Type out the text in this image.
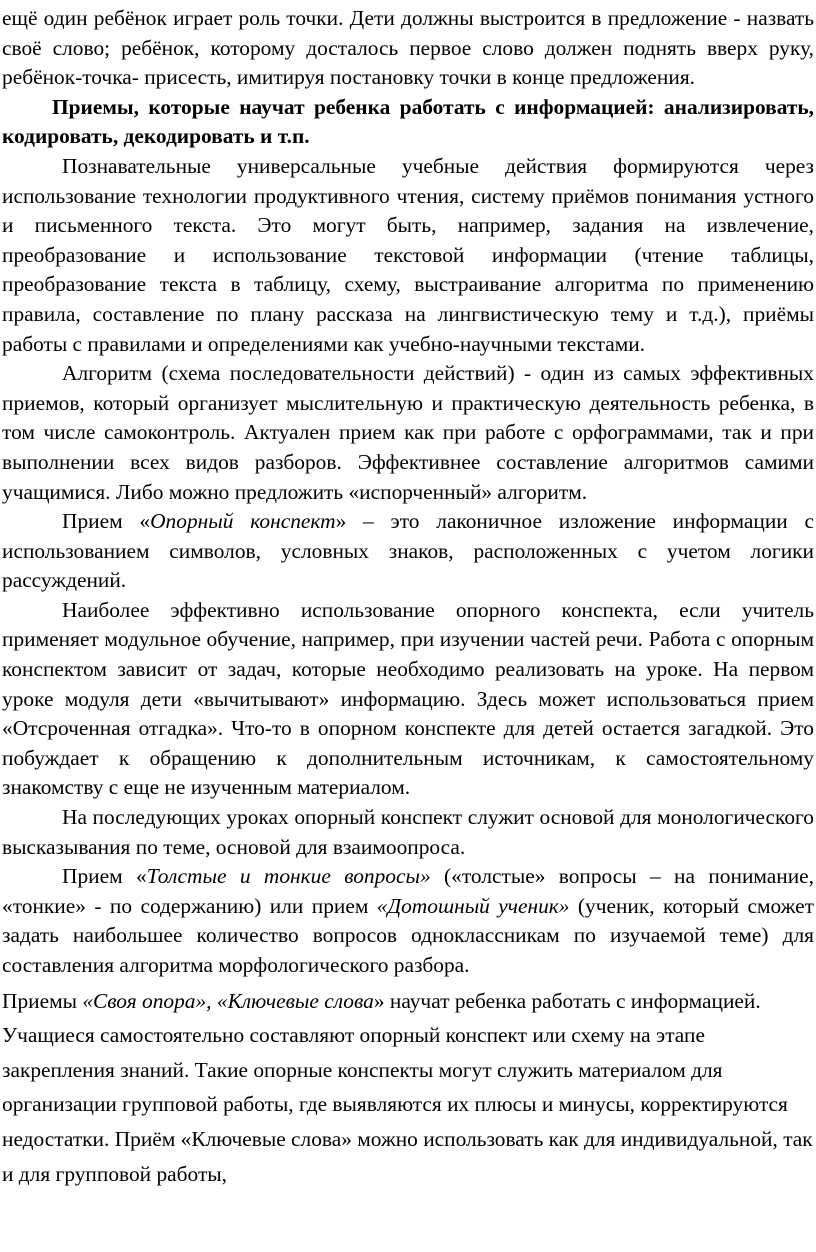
ещё один ребёнок играет роль точки. Дети должны выстроится в предложение - назвать своё слово; ребёнок, которому досталось первое слово должен поднять вверх руку, ребёнок-точка- присесть, имитируя постановку точки в конце предложения.

Приемы, которые научат ребенка работать с информацией: анализировать, кодировать, декодировать и т.п.

Познавательные универсальные учебные действия формируются через использование технологии продуктивного чтения, систему приёмов понимания устного и письменного текста. Это могут быть, например, задания на извлечение, преобразование и использование текстовой информации (чтение таблицы, преобразование текста в таблицу, схему, выстраивание алгоритма по применению правила, составление по плану рассказа на лингвистическую тему и т.д.), приёмы работы с правилами и определениями как учебно-научными текстами.

Алгоритм (схема последовательности действий) - один из самых эффективных приемов, который организует мыслительную и практическую деятельность ребенка, в том числе самоконтроль. Актуален прием как при работе с орфограммами, так и при выполнении всех видов разборов. Эффективнее составление алгоритмов самими учащимися. Либо можно предложить «испорченный» алгоритм.

Прием «Опорный конспект» – это лаконичное изложение информации с использованием символов, условных знаков, расположенных с учетом логики рассуждений.

Наиболее эффективно использование опорного конспекта, если учитель применяет модульное обучение, например, при изучении частей речи. Работа с опорным конспектом зависит от задач, которые необходимо реализовать на уроке. На первом уроке модуля дети «вычитывают» информацию. Здесь может использоваться прием «Отсроченная отгадка». Что-то в опорном конспекте для детей остается загадкой. Это побуждает к обращению к дополнительным источникам, к самостоятельному знакомству с еще не изученным материалом.

На последующих уроках опорный конспект служит основой для монологического высказывания по теме, основой для взаимоопроса.

Прием «Толстые и тонкие вопросы» («толстые» вопросы – на понимание, «тонкие» - по содержанию) или прием «Дотошный ученик» (ученик, который сможет задать наибольшее количество вопросов одноклассникам по изучаемой теме) для составления алгоритма морфологического разбора.

Приемы «Своя опора», «Ключевые слова» научат ребенка работать с информацией. Учащиеся самостоятельно составляют опорный конспект или схему на этапе закрепления знаний. Такие опорные конспекты могут служить материалом для организации групповой работы, где выявляются их плюсы и минусы, корректируются недостатки. Приём «Ключевые слова» можно использовать как для индивидуальной, так и для групповой работы,
